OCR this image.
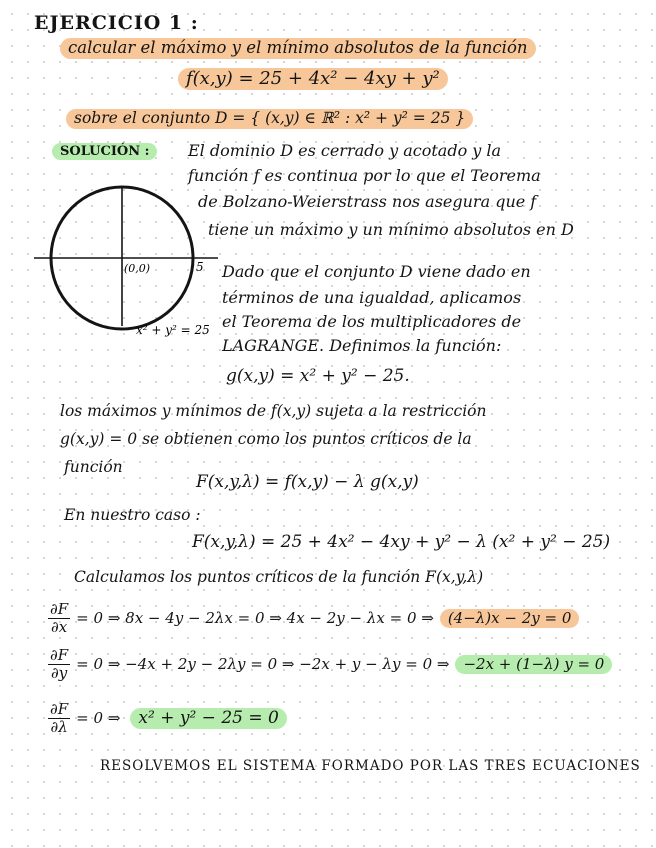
EJERCICIO 1 :
calcular el máximo y el mínimo absolutos de la función
f(x,y) = 25 + 4x² − 4xy + y²
sobre el conjunto D = { (x,y) ∈ ℝ² : x² + y² = 25 }
SOLUCIÓN :	El dominio D es cerrado y acotado y la
función f es continua por lo que el Teorema
de Bolzano-Weierstrass nos asegura que f
tiene un máximo y un mínimo absolutos en D
(0,0)	5
x² + y² = 25
Dado que el conjunto D viene dado en
términos de una igualdad, aplicamos
el Teorema de los multiplicadores de
LAGRANGE. Definimos la función:
g(x,y) = x² + y² − 25.
los máximos y mínimos de f(x,y) sujeta a la restricción
g(x,y) = 0 se obtienen como los puntos críticos de la
función
F(x,y,λ) = f(x,y) − λ g(x,y)
En nuestro caso :
F(x,y,λ) = 25 + 4x² − 4xy + y² − λ (x² + y² − 25)
Calculamos los puntos críticos de la función F(x,y,λ)
$\frac{\partial F}{\partial x} = 0$ ⇒ 8x − 4y − 2λx = 0 ⇒ 4x − 2y − λx = 0 ⇒ (4−λ)x − 2y = 0
$\frac{\partial F}{\partial y} = 0$ ⇒ −4x + 2y − 2λy = 0 ⇒ −2x + y − λy = 0 ⇒ −2x + (1−λ) y = 0
$\frac{\partial F}{\partial\lambda} = 0$ ⇒	x² + y² − 25 = 0
RESOLVEMOS EL SISTEMA FORMADO POR LAS TRES ECUACIONES
